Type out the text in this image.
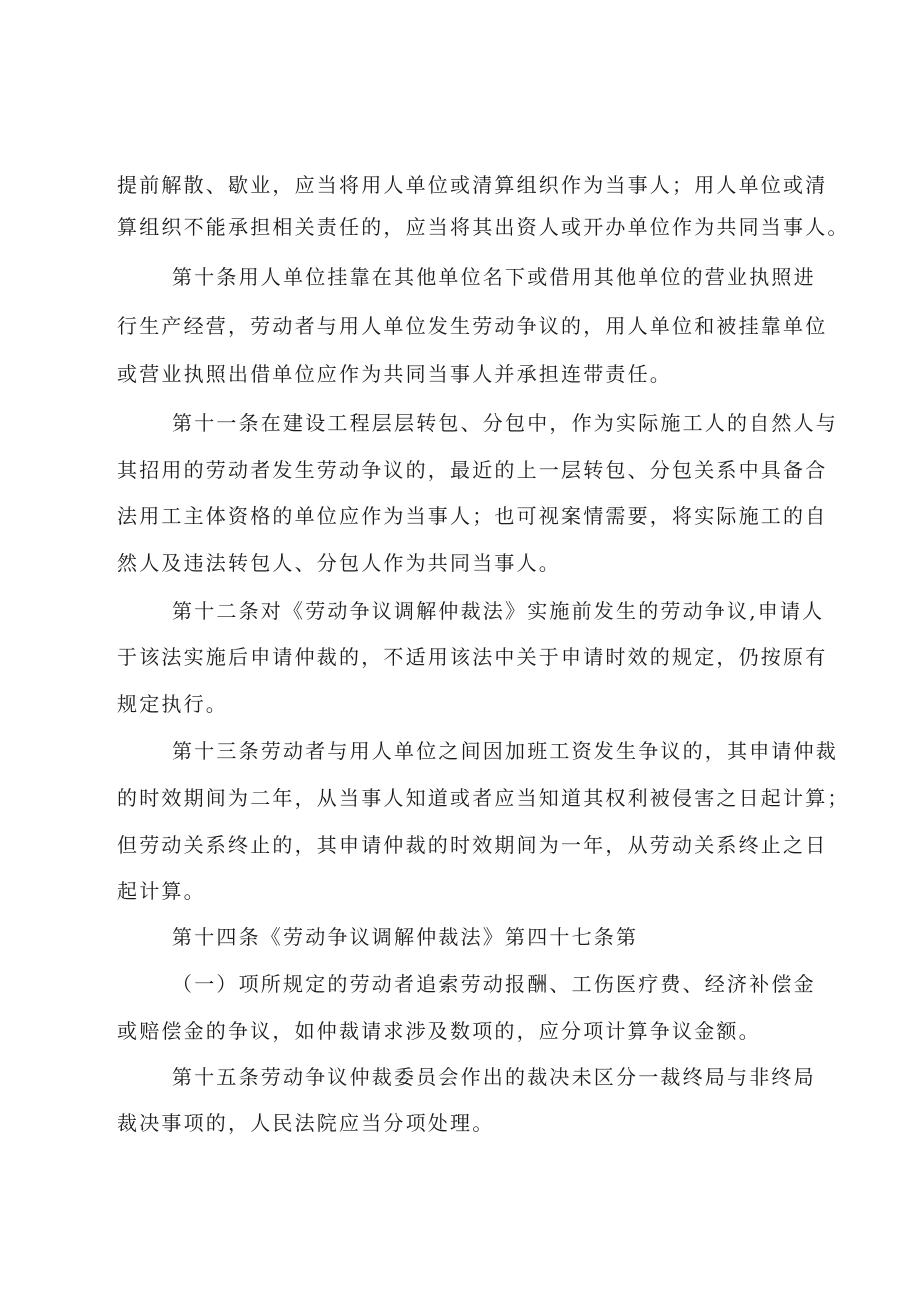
提前解散、歇业，应当将用人单位或清算组织作为当事人；用人单位或清
算组织不能承担相关责任的，应当将其出资人或开办单位作为共同当事人。
第十条用人单位挂靠在其他单位名下或借用其他单位的营业执照进
行生产经营，劳动者与用人单位发生劳动争议的，用人单位和被挂靠单位
或营业执照出借单位应作为共同当事人并承担连带责任。
第十一条在建设工程层层转包、分包中，作为实际施工人的自然人与
其招用的劳动者发生劳动争议的，最近的上一层转包、分包关系中具备合
法用工主体资格的单位应作为当事人；也可视案情需要，将实际施工的自
然人及违法转包人、分包人作为共同当事人。
第十二条对《劳动争议调解仲裁法》实施前发生的劳动争议,申请人
于该法实施后申请仲裁的，不适用该法中关于申请时效的规定，仍按原有
规定执行。
第十三条劳动者与用人单位之间因加班工资发生争议的，其申请仲裁
的时效期间为二年，从当事人知道或者应当知道其权利被侵害之日起计算；
但劳动关系终止的，其申请仲裁的时效期间为一年，从劳动关系终止之日
起计算。
第十四条《劳动争议调解仲裁法》第四十七条第
（一）项所规定的劳动者追索劳动报酬、工伤医疗费、经济补偿金
或赔偿金的争议，如仲裁请求涉及数项的，应分项计算争议金额。
第十五条劳动争议仲裁委员会作出的裁决未区分一裁终局与非终局
裁决事项的，人民法院应当分项处理。
